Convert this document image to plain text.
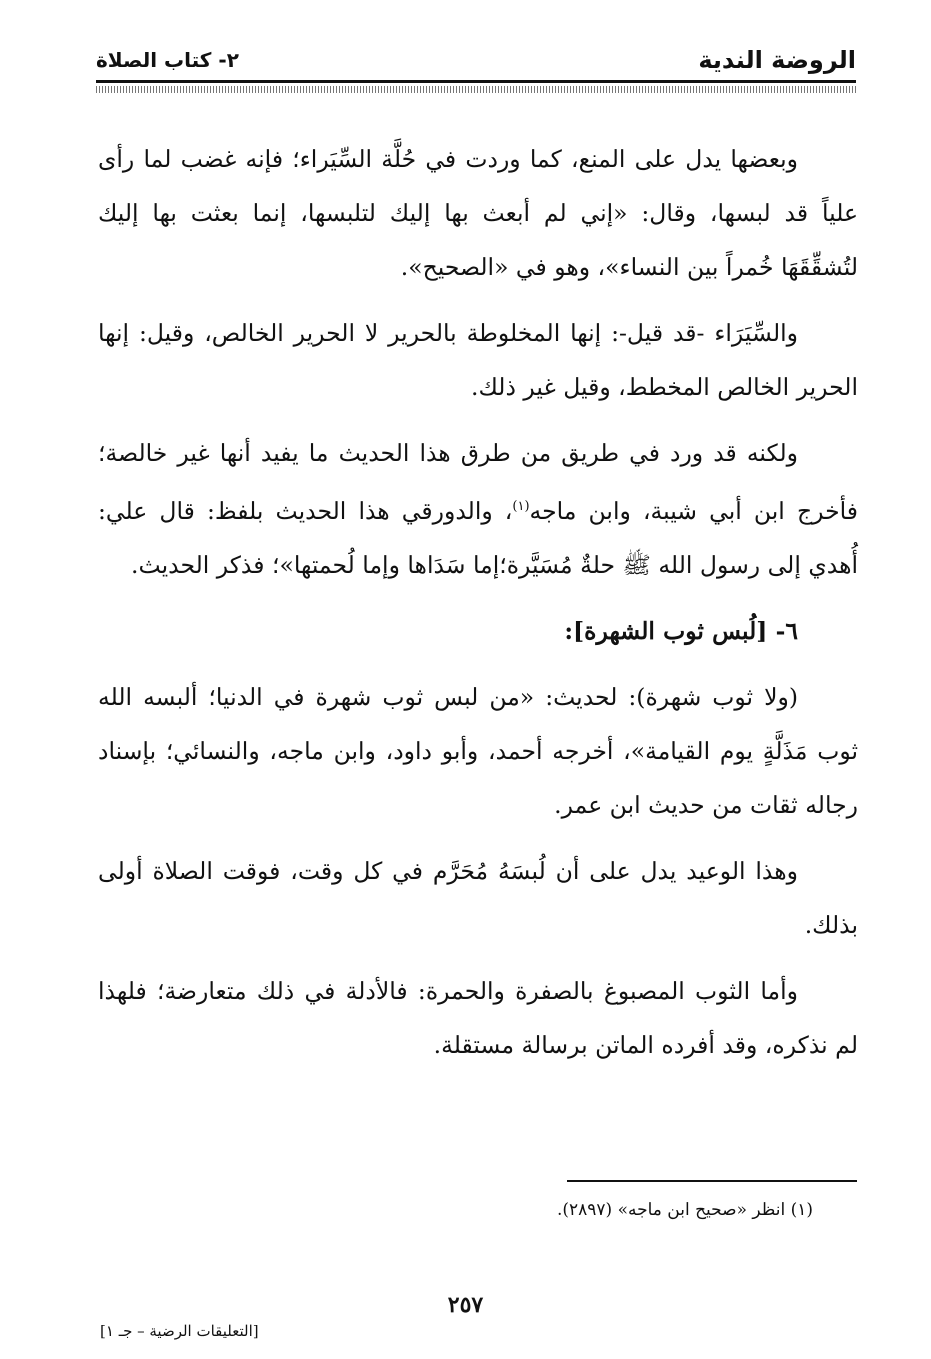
الروضة الندية
٢- كتاب الصلاة

وبعضها يدل على المنع، كما وردت في حُلَّة السِّيَراء؛ فإنه غضب لما رأى علياً قد لبسها، وقال: «إني لم أبعث بها إليك لتلبسها، إنما بعثت بها إليك لتُشقِّقَهَا خُمراً بين النساء»، وهو في «الصحيح».

والسِّيَرَاء -قد قيل-: إنها المخلوطة بالحرير لا الحرير الخالص، وقيل: إنها الحرير الخالص المخطط، وقيل غير ذلك.

ولكنه قد ورد في طريق من طرق هذا الحديث ما يفيد أنها غير خالصة؛ فأخرج ابن أبي شيبة، وابن ماجه$^{(١)}$، والدورقي هذا الحديث بلفظ: قال علي: أُهدي إلى رسول الله ﷺ حلةٌ مُسَيَّرة؛إما سَدَاها وإما لُحمتها»؛ فذكر الحديث.

٦- [لُبس ثوب الشهرة]:

(ولا ثوب شهرة): لحديث: «من لبس ثوب شهرة في الدنيا؛ ألبسه الله ثوب مَذَلَّةٍ يوم القيامة»، أخرجه أحمد، وأبو داود، وابن ماجه، والنسائي؛ بإسناد رجاله ثقات من حديث ابن عمر.

وهذا الوعيد يدل على أن لُبسَهُ مُحَرَّم في كل وقت، فوقت الصلاة أولى بذلك.

وأما الثوب المصبوغ بالصفرة والحمرة: فالأدلة في ذلك متعارضة؛ فلهذا لم نذكره، وقد أفرده الماتن برسالة مستقلة.

(١) انظر «صحيح ابن ماجه» (٢٨٩٧).
٢٥٧
[التعليقات الرضية – جـ ١]
